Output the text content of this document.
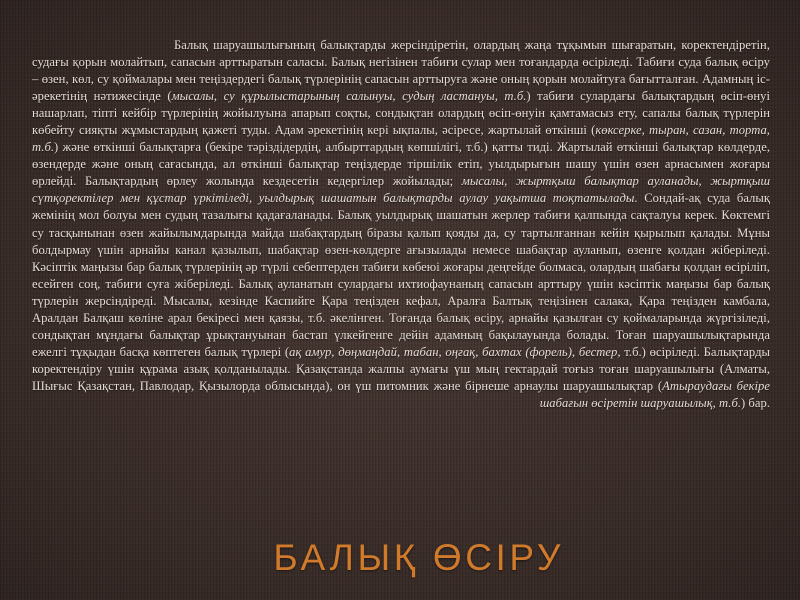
Балық шаруашылығының балықтарды жерсіндіретін, олардың жаңа тұқымын шығаратын, коректендіретін, судағы қорын молайтып, сапасын арттыратын саласы. Балық негізінен табиғи сулар мен тоғандарда өсіріледі. Табиғи суда балық өсіру – өзен, көл, су қоймалары мен теңіздердегі балық түрлерінің сапасын арттыруға және оның қорын молайтуға бағытталған. Адамның іс-әрекетінің нәтижесінде (мысалы, су құрылыстарының салынуы, судың ластануы, т.б.) табиғи сулардағы балықтардың өсіп-өнуі нашарлап, тіпті кейбір түрлерінің жойылуына апарып соқты, сондықтан олардың өсіп-өнуін қамтамасыз ету, сапалы балық түрлерін көбейту сияқты жұмыстардың қажеті туды. Адам әрекетінің кері ықпалы, әсіресе, жартылай өткінші (көксерке, тыран, сазан, торта, т.б.) және өткінші балықтарға (бекіре тәріздідердің, албырттардың көпшілігі, т.б.) қатты тиді. Жартылай өткінші балықтар көлдерде, өзендерде және оның сағасында, ал өткінші балықтар теңіздерде тіршілік етіп, уылдырығын шашу үшін өзен арнасымен жоғары өрлейді. Балықтардың өрлеу жолында кездесетін кедергілер жойылады; мысалы, жыртқыш балықтар ауланады, жыртқыш сүтқоректілер мен құстар үркітіледі, уылдырық шашатын балықтарды аулау уақытша тоқтатылады. Сондай-ақ суда балық жемінің мол болуы мен судың тазалығы қадағаланады. Балық уылдырық шашатын жерлер табиғи қалпында сақталуы керек. Көктемгі су тасқынынан өзен жайылымдарында майда шабақтардың біразы қалып қояды да, су тартылғаннан кейін қырылып қалады. Мұны болдырмау үшін арнайы канал қазылып, шабақтар өзен-көлдерге ағызылады немесе шабақтар ауланып, өзенге қолдан жіберіледі. Кәсіптік маңызы бар балық түрлерінің әр түрлі себептерден табиғи көбеюі жоғары деңгейде болмаса, олардың шабағы қолдан өсіріліп, есейген соң, табиғи суға жіберіледі. Балық ауланатын сулардағы ихтиофаунаның сапасын арттыру үшін кәсіптік маңызы бар балық түрлерін жерсіндіреді. Мысалы, кезінде Каспийге Қара теңізден кефал, Аралға Балтық теңізінен салака, Қара теңізден камбала, Аралдан Балқаш көліне арал бекіресі мен қаязы, т.б. әкелінген. Тоғанда балық өсіру, арнайы қазылған су қоймаларында жүргізіледі, сондықтан мұндағы балықтар ұрықтануынан бастап үлкейгенге дейін адамның бақылауында болады. Тоған шаруашылықтарында ежелгі тұқыдан басқа көптеген балық түрлері (ақ амур, дөңмаңдай, табан, оңғақ, бахтах (форель), бестер, т.б.) өсіріледі. Балықтарды коректендіру үшін құрама азық қолданылады. Қазақстанда жалпы аумағы үш мың гектардай тоғыз тоған шаруашылығы (Алматы, Шығыс Қазақстан, Павлодар, Қызылорда облысында), он үш питомник және бірнеше арнаулы шаруашылықтар (Атыраудағы бекіре шабағын өсіретін шаруашылық, т.б.) бар.
БАЛЫҚ ӨСІРУ
